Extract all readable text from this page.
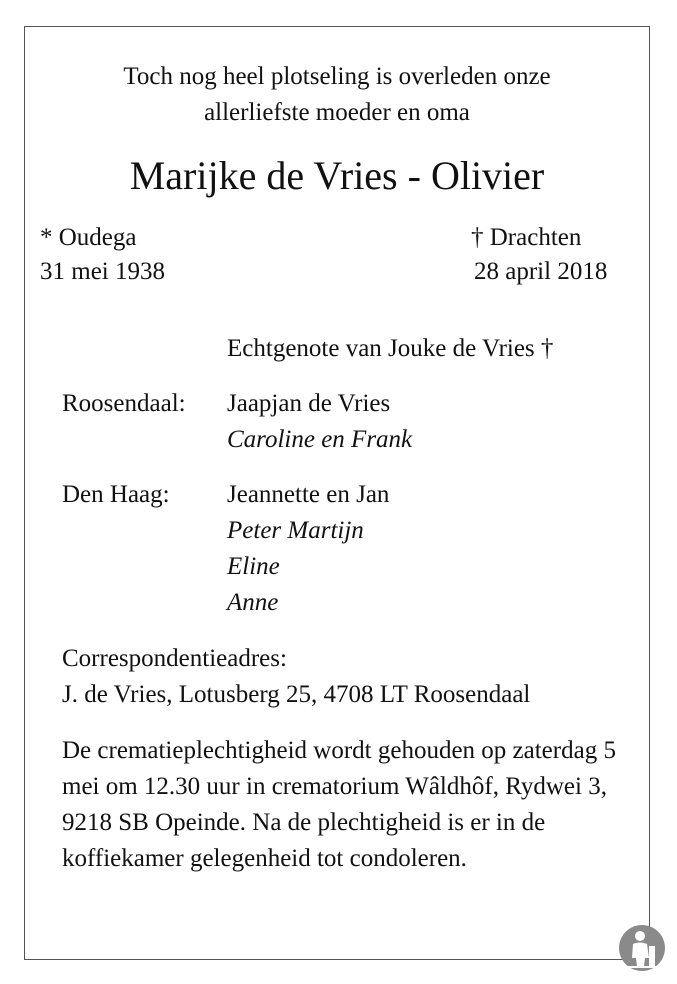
Toch nog heel plotseling is overleden onze
allerliefste moeder en oma
Marijke de Vries - Olivier
* Oudega
31 mei 1938
† Drachten
28 april 2018
Echtgenote van Jouke de Vries †
Roosendaal: Jaapjan de Vries
Caroline en Frank
Den Haag: Jeannette en Jan
Peter Martijn
Eline
Anne
Correspondentieadres:
J. de Vries, Lotusberg 25, 4708 LT Roosendaal
De crematieplechtigheid wordt gehouden op zaterdag 5 mei om 12.30 uur in crematorium Wâldhôf, Rydwei 3, 9218 SB Opeinde. Na de plechtigheid is er in de koffiekamer gelegenheid tot condoleren.
